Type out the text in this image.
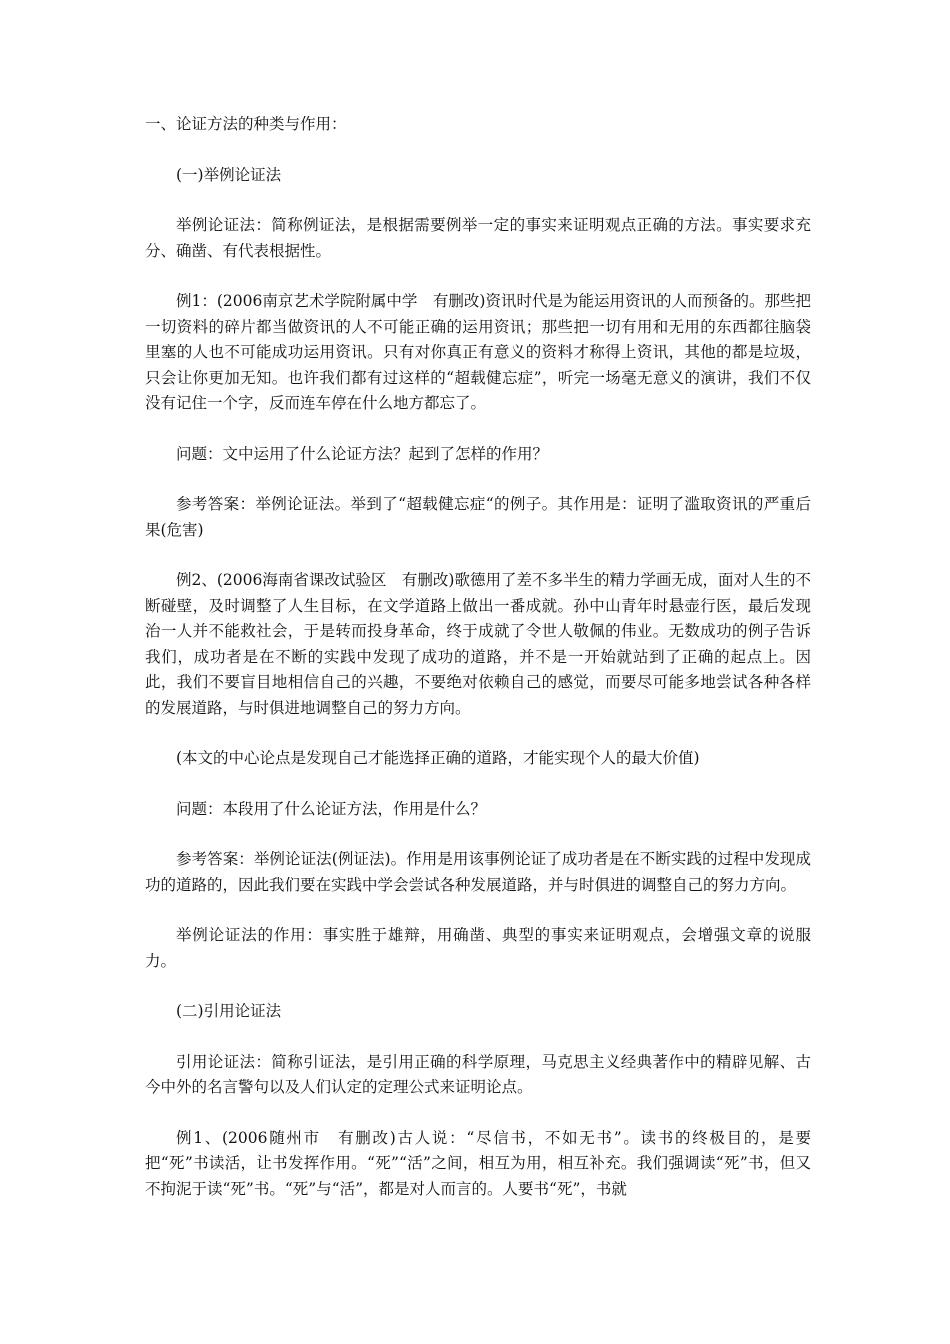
一、论证方法的种类与作用：

(一)举例论证法

举例论证法：简称例证法，是根据需要例举一定的事实来证明观点正确的方法。事实要求充分、确凿、有代表根据性。

例1：(2006南京艺术学院附属中学　有删改)资讯时代是为能运用资讯的人而预备的。那些把一切资料的碎片都当做资讯的人不可能正确的运用资讯；那些把一切有用和无用的东西都往脑袋里塞的人也不可能成功运用资讯。只有对你真正有意义的资料才称得上资讯，其他的都是垃圾，只会让你更加无知。也许我们都有过这样的“超载健忘症”，听完一场毫无意义的演讲，我们不仅没有记住一个字，反而连车停在什么地方都忘了。

问题：文中运用了什么论证方法？起到了怎样的作用？

参考答案：举例论证法。举到了“超载健忘症“的例子。其作用是：证明了滥取资讯的严重后果(危害)

例2、(2006海南省课改试验区　有删改)歌德用了差不多半生的精力学画无成，面对人生的不断碰壁，及时调整了人生目标，在文学道路上做出一番成就。孙中山青年时悬壶行医，最后发现治一人并不能救社会，于是转而投身革命，终于成就了令世人敬佩的伟业。无数成功的例子告诉我们，成功者是在不断的实践中发现了成功的道路，并不是一开始就站到了正确的起点上。因此，我们不要盲目地相信自己的兴趣，不要绝对依赖自己的感觉，而要尽可能多地尝试各种各样的发展道路，与时俱进地调整自己的努力方向。

(本文的中心论点是发现自己才能选择正确的道路，才能实现个人的最大价值)

问题：本段用了什么论证方法，作用是什么？

参考答案：举例论证法(例证法)。作用是用该事例论证了成功者是在不断实践的过程中发现成功的道路的，因此我们要在实践中学会尝试各种发展道路，并与时俱进的调整自己的努力方向。

举例论证法的作用：事实胜于雄辩，用确凿、典型的事实来证明观点，会增强文章的说服力。

(二)引用论证法

引用论证法：简称引证法，是引用正确的科学原理，马克思主义经典著作中的精辟见解、古今中外的名言警句以及人们认定的定理公式来证明论点。

例1、(2006随州市　有删改)古人说：“尽信书，不如无书”。读书的终极目的，是要把“死”书读活，让书发挥作用。“死”“活”之间，相互为用，相互补充。我们强调读“死”书，但又不拘泥于读“死”书。“死”与“活”，都是对人而言的。人要书“死”，书就
